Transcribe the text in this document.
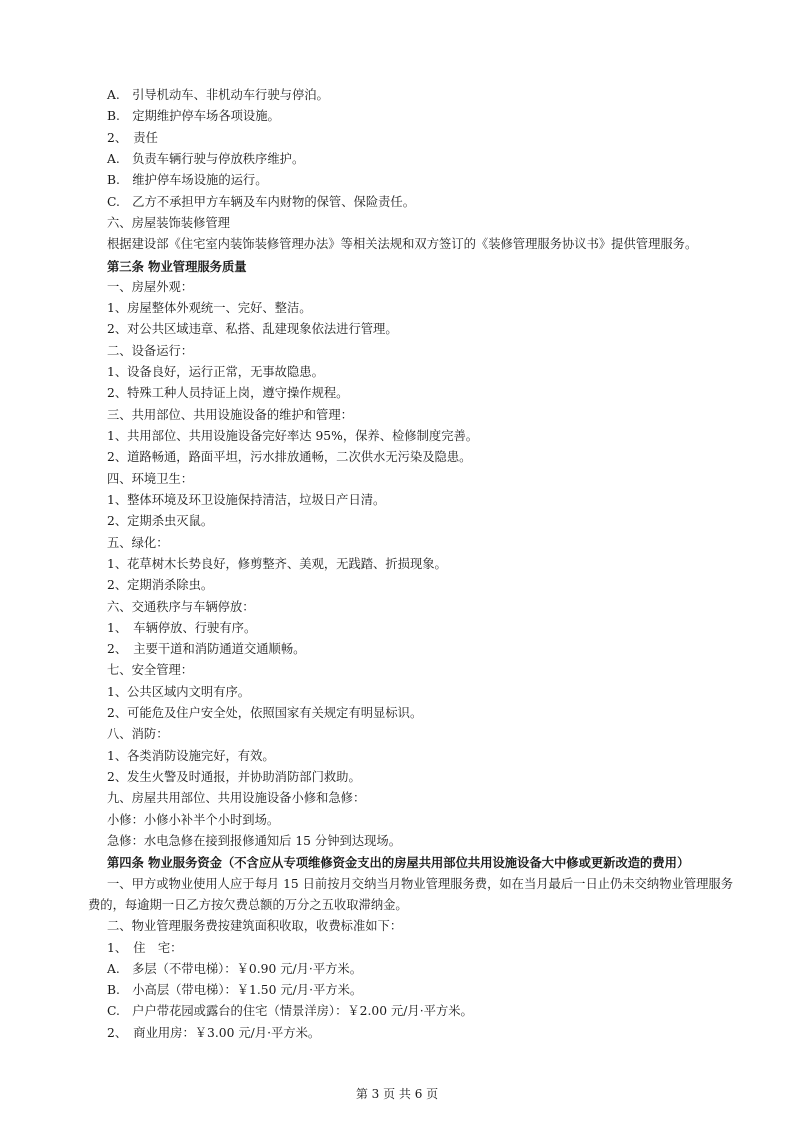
A.　引导机动车、非机动车行驶与停泊。
B.　定期维护停车场各项设施。
2、　责任
A.　负责车辆行驶与停放秩序维护。
B.　维护停车场设施的运行。
C.　乙方不承担甲方车辆及车内财物的保管、保险责任。
六、房屋装饰装修管理
根据建设部《住宅室内装饰装修管理办法》等相关法规和双方签订的《装修管理服务协议书》提供管理服务。
第三条 物业管理服务质量
一、房屋外观：
1、房屋整体外观统一、完好、整洁。
2、对公共区域违章、私搭、乱建现象依法进行管理。
二、设备运行：
1、设备良好，运行正常，无事故隐患。
2、特殊工种人员持证上岗，遵守操作规程。
三、共用部位、共用设施设备的维护和管理：
1、共用部位、共用设施设备完好率达 95%，保养、检修制度完善。
2、道路畅通，路面平坦，污水排放通畅，二次供水无污染及隐患。
四、环境卫生：
1、整体环境及环卫设施保持清洁，垃圾日产日清。
2、定期杀虫灭鼠。
五、绿化：
1、花草树木长势良好，修剪整齐、美观，无践踏、折损现象。
2、定期消杀除虫。
六、交通秩序与车辆停放：
1、　车辆停放、行驶有序。
2、　主要干道和消防通道交通顺畅。
七、安全管理：
1、公共区域内文明有序。
2、可能危及住户安全处，依照国家有关规定有明显标识。
八、消防：
1、各类消防设施完好，有效。
2、发生火警及时通报，并协助消防部门救助。
九、房屋共用部位、共用设施设备小修和急修：
小修：小修小补半个小时到场。
急修：水电急修在接到报修通知后 15 分钟到达现场。
第四条 物业服务资金（不含应从专项维修资金支出的房屋共用部位共用设施设备大中修或更新改造的费用）
一、甲方或物业使用人应于每月 15 日前按月交纳当月物业管理服务费，如在当月最后一日止仍未交纳物业管理服务
费的，每逾期一日乙方按欠费总额的万分之五收取滞纳金。
二、物业管理服务费按建筑面积收取，收费标准如下：
1、　住　宅：
A.　多层（不带电梯）：￥0.90 元/月·平方米。
B.　小高层（带电梯）：￥1.50 元/月·平方米。
C.　户户带花园或露台的住宅（情景洋房）：￥2.00 元/月·平方米。
2、　商业用房：￥3.00 元/月·平方米。
第 3 页 共 6 页
